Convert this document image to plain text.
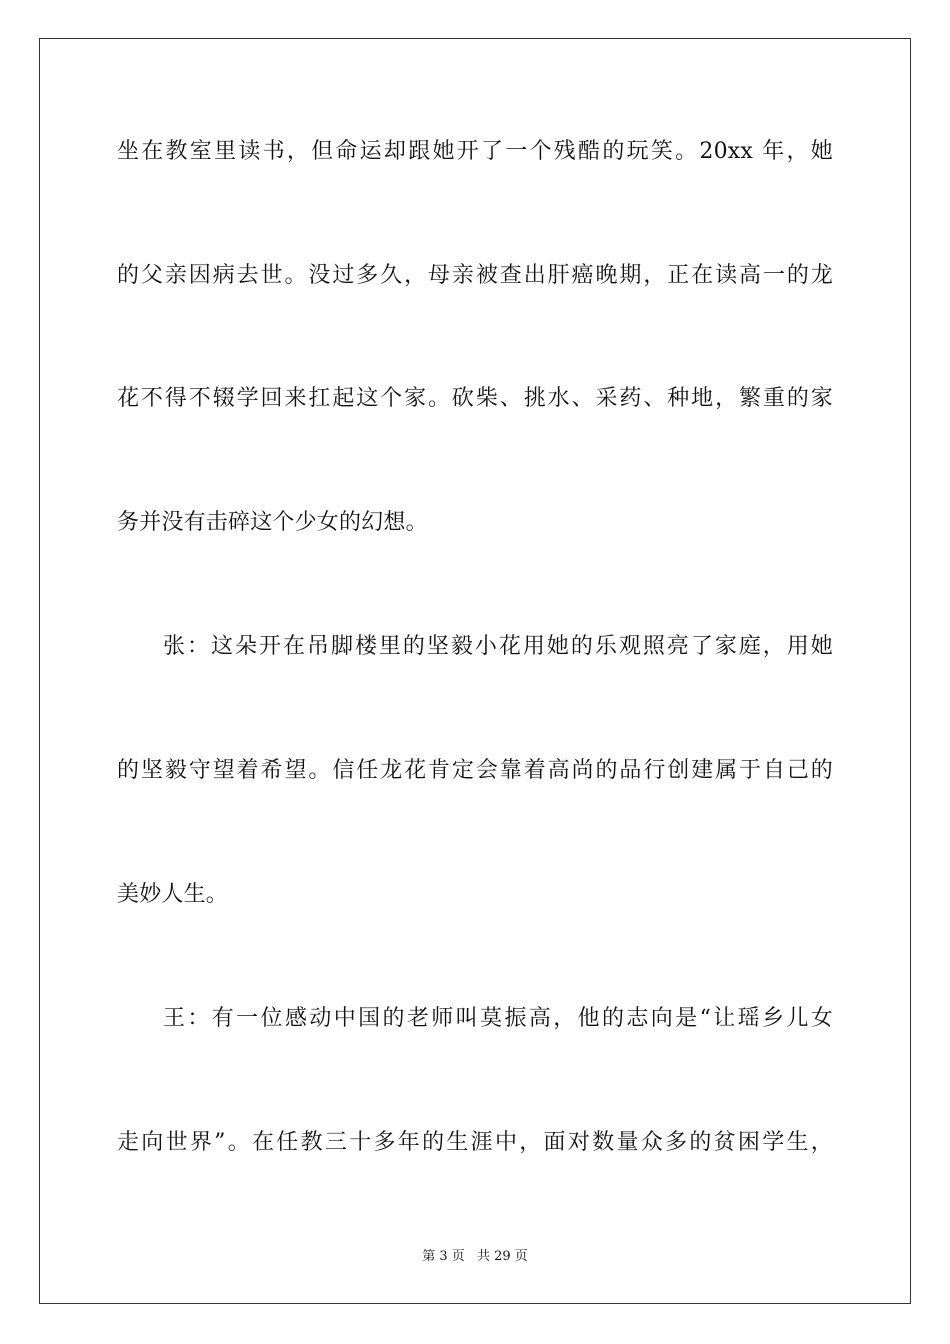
坐在教室里读书，但命运却跟她开了一个残酷的玩笑。20xx 年，她
的父亲因病去世。没过多久，母亲被查出肝癌晚期，正在读高一的龙
花不得不辍学回来扛起这个家。砍柴、挑水、采药、种地，繁重的家
务并没有击碎这个少女的幻想。
张：这朵开在吊脚楼里的坚毅小花用她的乐观照亮了家庭，用她
的坚毅守望着希望。信任龙花肯定会靠着高尚的品行创建属于自己的
美妙人生。
王：有一位感动中国的老师叫莫振高，他的志向是“让瑶乡儿女
走向世界”。在任教三十多年的生涯中，面对数量众多的贫困学生，
第 3 页 共 29 页
